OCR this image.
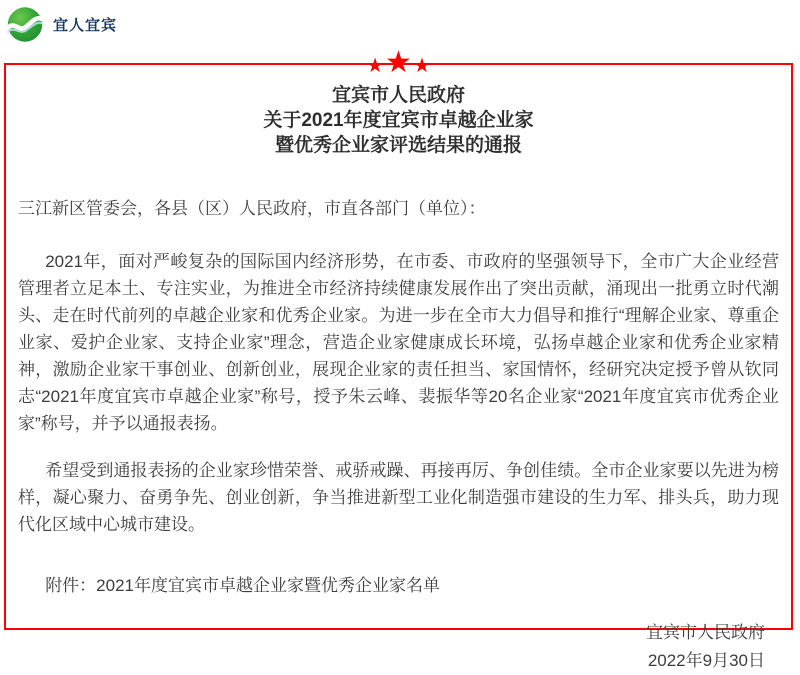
宜人宜宾
★ ★ ★
宜宾市人民政府
关于2021年度宜宾市卓越企业家
暨优秀企业家评选结果的通报
三江新区管委会，各县（区）人民政府，市直各部门（单位）：

2021年，面对严峻复杂的国际国内经济形势，在市委、市政府的坚强领导下，全市广大企业经营管理者立足本土、专注实业，为推进全市经济持续健康发展作出了突出贡献，涌现出一批勇立时代潮头、走在时代前列的卓越企业家和优秀企业家。为进一步在全市大力倡导和推行“理解企业家、尊重企业家、爱护企业家、支持企业家”理念，营造企业家健康成长环境，弘扬卓越企业家和优秀企业家精神，激励企业家干事创业、创新创业，展现企业家的责任担当、家国情怀，经研究决定授予曾从钦同志“2021年度宜宾市卓越企业家”称号，授予朱云峰、裴振华等20名企业家“2021年度宜宾市优秀企业家”称号，并予以通报表扬。

希望受到通报表扬的企业家珍惜荣誉、戒骄戒躁、再接再厉、争创佳绩。全市企业家要以先进为榜样，凝心聚力、奋勇争先、创业创新，争当推进新型工业化制造强市建设的生力军、排头兵，助力现代化区域中心城市建设。

附件：2021年度宜宾市卓越企业家暨优秀企业家名单
宜宾市人民政府
2022年9月30日
